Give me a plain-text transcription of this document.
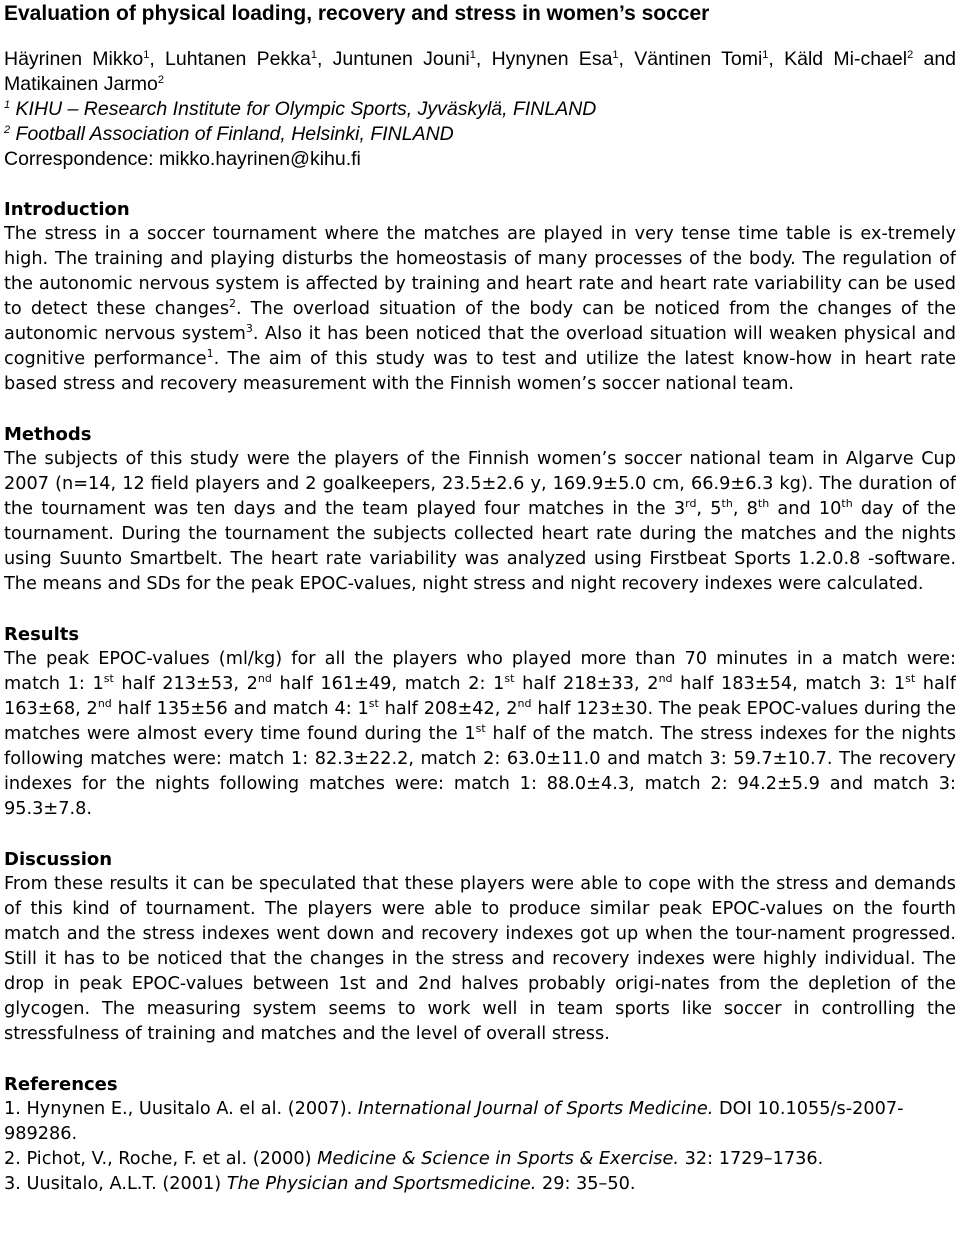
Evaluation of physical loading, recovery and stress in women’s soccer
Häyrinen Mikko$^1$, Luhtanen Pekka$^1$, Juntunen Jouni$^1$, Hynynen Esa$^1$, Väntinen Tomi$^1$, Käld Mi-chael$^2$ and Matikainen Jarmo$^2$
$^1$ KIHU – Research Institute for Olympic Sports, Jyväskylä, FINLAND
$^2$ Football Association of Finland, Helsinki, FINLAND
Correspondence: mikko.hayrinen@kihu.fi
Introduction
The stress in a soccer tournament where the matches are played in very tense time table is ex-tremely high. The training and playing disturbs the homeostasis of many processes of the body. The regulation of the autonomic nervous system is affected by training and heart rate and heart rate variability can be used to detect these changes$^2$. The overload situation of the body can be noticed from the changes of the autonomic nervous system$^3$. Also it has been noticed that the overload situation will weaken physical and cognitive performance$^1$. The aim of this study was to test and utilize the latest know-how in heart rate based stress and recovery measurement with the Finnish women’s soccer national team.
Methods
The subjects of this study were the players of the Finnish women’s soccer national team in Algarve Cup 2007 (n=14, 12 field players and 2 goalkeepers, 23.5±2.6 y, 169.9±5.0 cm, 66.9±6.3 kg). The duration of the tournament was ten days and the team played four matches in the 3rd, 5th, 8th and 10th day of the tournament. During the tournament the subjects collected heart rate during the matches and the nights using Suunto Smartbelt. The heart rate variability was analyzed using Firstbeat Sports 1.2.0.8 -software. The means and SDs for the peak EPOC-values, night stress and night recovery indexes were calculated.
Results
The peak EPOC-values (ml/kg) for all the players who played more than 70 minutes in a match were: match 1: 1st half 213±53, 2nd half 161±49, match 2: 1st half 218±33, 2nd half 183±54, match 3: 1st half 163±68, 2nd half 135±56 and match 4: 1st half 208±42, 2nd half 123±30. The peak EPOC-values during the matches were almost every time found during the 1st half of the match. The stress indexes for the nights following matches were: match 1: 82.3±22.2, match 2: 63.0±11.0 and match 3: 59.7±10.7. The recovery indexes for the nights following matches were: match 1: 88.0±4.3, match 2: 94.2±5.9 and match 3: 95.3±7.8.
Discussion
From these results it can be speculated that these players were able to cope with the stress and demands of this kind of tournament. The players were able to produce similar peak EPOC-values on the fourth match and the stress indexes went down and recovery indexes got up when the tour-nament progressed. Still it has to be noticed that the changes in the stress and recovery indexes were highly individual. The drop in peak EPOC-values between 1st and 2nd halves probably origi-nates from the depletion of the glycogen. The measuring system seems to work well in team sports like soccer in controlling the stressfulness of training and matches and the level of overall stress.
References
1. Hynynen E., Uusitalo A. el al. (2007). International Journal of Sports Medicine. DOI 10.1055/s-2007-989286.
2. Pichot, V., Roche, F. et al. (2000) Medicine & Science in Sports & Exercise. 32: 1729–1736.
3. Uusitalo, A.L.T. (2001) The Physician and Sportsmedicine. 29: 35–50.
